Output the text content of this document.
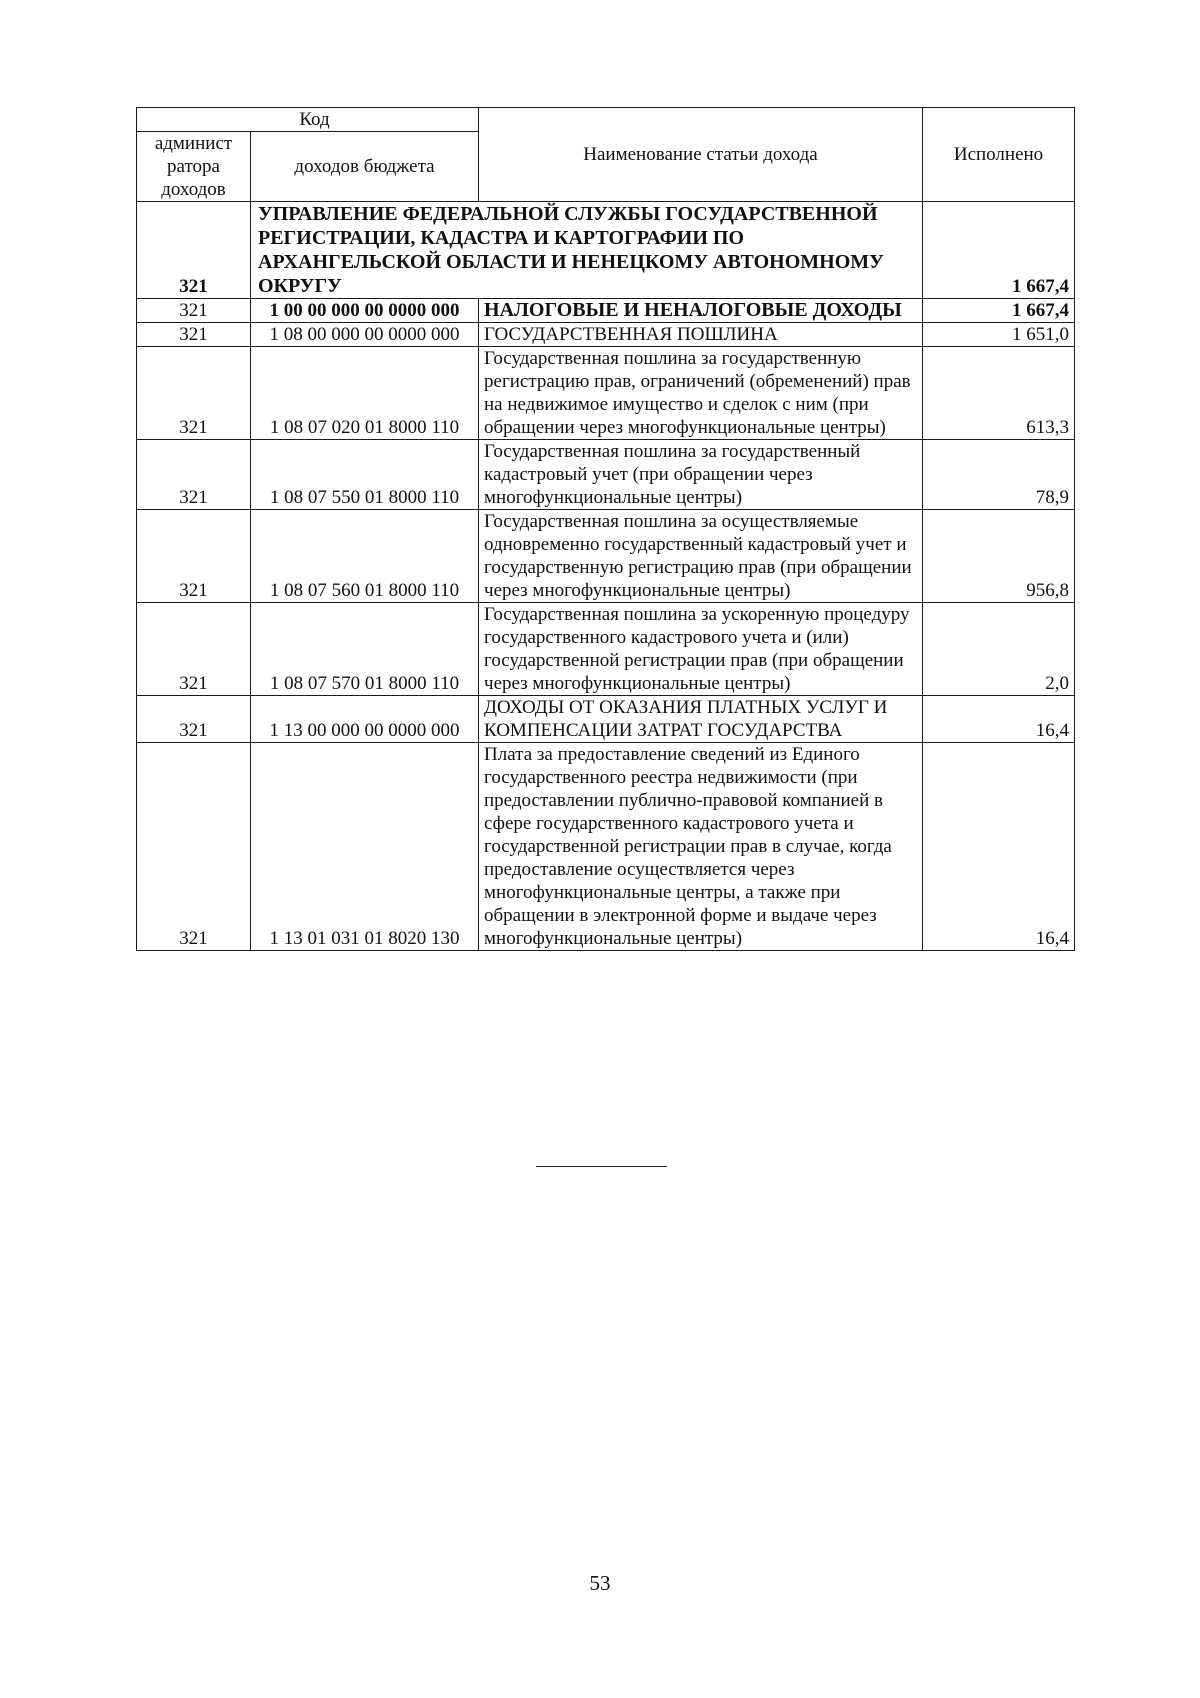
Код		Наименование статьи дохода	Исполнено
админист
ратора
доходов	доходов бюджета		
321	УПРАВЛЕНИЕ ФЕДЕРАЛЬНОЙ СЛУЖБЫ ГОСУДАРСТВЕННОЙ РЕГИСТРАЦИИ, КАДАСТРА И КАРТОГРАФИИ ПО АРХАНГЕЛЬСКОЙ ОБЛАСТИ И НЕНЕЦКОМУ АВТОНОМНОМУ ОКРУГУ		1 667,4
321	1 00 00 000 00 0000 000	НАЛОГОВЫЕ И НЕНАЛОГОВЫЕ ДОХОДЫ	1 667,4
321	1 08 00 000 00 0000 000	ГОСУДАРСТВЕННАЯ ПОШЛИНА	1 651,0
321	1 08 07 020 01 8000 110	Государственная пошлина за государственную регистрацию прав, ограничений (обременений) прав на недвижимое имущество и сделок с ним (при обращении через многофункциональные центры)	613,3
321	1 08 07 550 01 8000 110	Государственная пошлина за государственный кадастровый учет (при обращении через многофункциональные центры)	78,9
321	1 08 07 560 01 8000 110	Государственная пошлина за осуществляемые одновременно государственный кадастровый учет и государственную регистрацию прав (при обращении через многофункциональные центры)	956,8
321	1 08 07 570 01 8000 110	Государственная пошлина за ускоренную процедуру государственного кадастрового учета и (или) государственной регистрации прав (при обращении через многофункциональные центры)	2,0
321	1 13 00 000 00 0000 000	ДОХОДЫ ОТ ОКАЗАНИЯ ПЛАТНЫХ УСЛУГ И КОМПЕНСАЦИИ ЗАТРАТ ГОСУДАРСТВА	16,4
321	1 13 01 031 01 8020 130	Плата за предоставление сведений из Единого государственного реестра недвижимости (при предоставлении публично-правовой компанией в сфере государственного кадастрового учета и государственной регистрации прав в случае, когда предоставление осуществляется через многофункциональные центры, а также при обращении в электронной форме и выдаче через многофункциональные центры)	16,4
53
